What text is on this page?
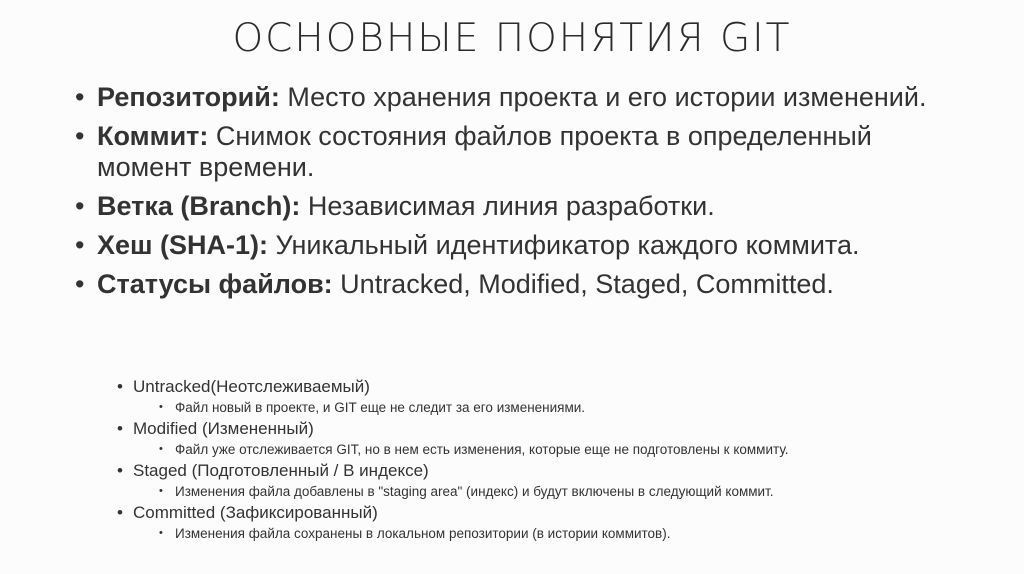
ОСНОВНЫЕ ПОНЯТИЯ GIT
• Репозиторий: Место хранения проекта и его истории изменений.
• Коммит: Снимок состояния файлов проекта в определенный момент времени.
• Ветка (Branch): Независимая линия разработки.
• Хеш (SHA-1): Уникальный идентификатор каждого коммита.
• Статусы файлов: Untracked, Modified, Staged, Committed.
• Untracked(Неотслеживаемый)
• Файл новый в проекте, и GIT еще не следит за его изменениями.
• Modified (Измененный)
• Файл уже отслеживается GIT, но в нем есть изменения, которые еще не подготовлены к коммиту.
• Staged (Подготовленный / В индексе)
• Изменения файла добавлены в "staging area" (индекс) и будут включены в следующий коммит.
• Committed (Зафиксированный)
• Изменения файла сохранены в локальном репозитории (в истории коммитов).
